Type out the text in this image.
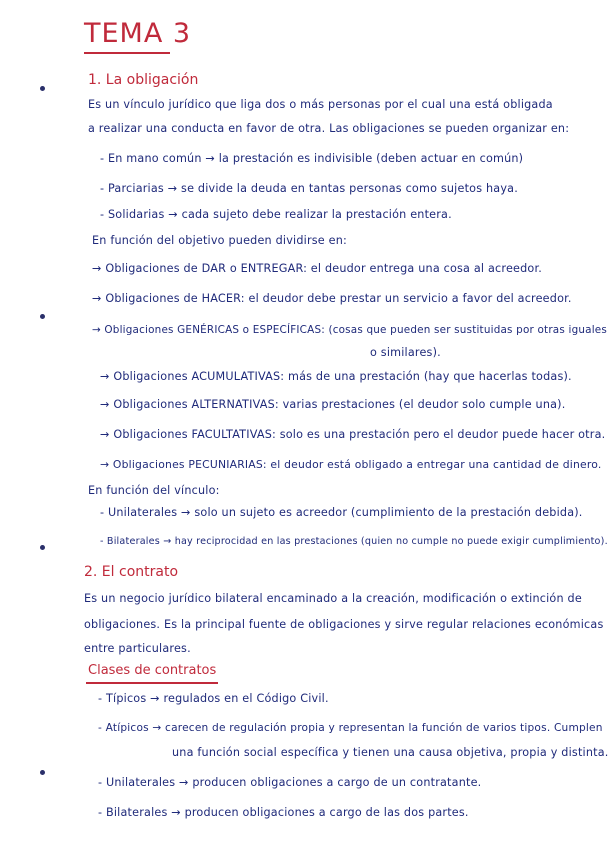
TEMA 3
1. La obligación
Es un vínculo jurídico que liga dos o más personas por el cual una está obligada
a realizar una conducta en favor de otra. Las obligaciones se pueden organizar en:
- En mano común → la prestación es indivisible (deben actuar en común)
- Parciarias → se divide la deuda en tantas personas como sujetos haya.
- Solidarias → cada sujeto debe realizar la prestación entera.
En función del objetivo pueden dividirse en:
→ Obligaciones de DAR o ENTREGAR: el deudor entrega una cosa al acreedor.
→ Obligaciones de HACER: el deudor debe prestar un servicio a favor del acreedor.
→ Obligaciones GENÉRICAS o ESPECÍFICAS: (cosas que pueden ser sustituidas por otras iguales
o similares).
→ Obligaciones ACUMULATIVAS: más de una prestación (hay que hacerlas todas).
→ Obligaciones ALTERNATIVAS: varias prestaciones (el deudor solo cumple una).
→ Obligaciones FACULTATIVAS: solo es una prestación pero el deudor puede hacer otra.
→ Obligaciones PECUNIARIAS: el deudor está obligado a entregar una cantidad de dinero.
En función del vínculo:
- Unilaterales → solo un sujeto es acreedor (cumplimiento de la prestación debida).
- Bilaterales → hay reciprocidad en las prestaciones (quien no cumple no puede exigir cumplimiento).
2. El contrato
Es un negocio jurídico bilateral encaminado a la creación, modificación o extinción de
obligaciones. Es la principal fuente de obligaciones y sirve regular relaciones económicas
entre particulares.
Clases de contratos
- Típicos → regulados en el Código Civil.
- Atípicos → carecen de regulación propia y representan la función de varios tipos. Cumplen
una función social específica y tienen una causa objetiva, propia y distinta.
- Unilaterales → producen obligaciones a cargo de un contratante.
- Bilaterales → producen obligaciones a cargo de las dos partes.
